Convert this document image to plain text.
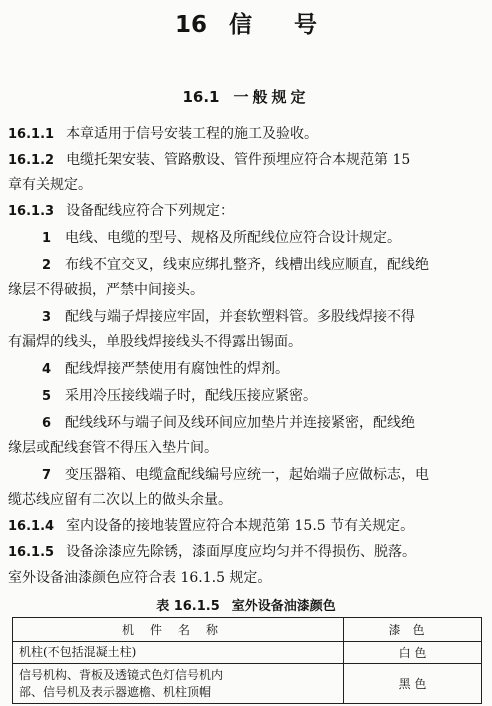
16 信 号
16.1 一般规定
16.1.1 本章适用于信号安装工程的施工及验收。
16.1.2 电缆托架安装、管路敷设、管件预埋应符合本规范第 15
章有关规定。
16.1.3 设备配线应符合下列规定：
1 电线、电缆的型号、规格及所配线位应符合设计规定。
2 布线不宜交叉，线束应绑扎整齐，线槽出线应顺直，配线绝
缘层不得破损，严禁中间接头。
3 配线与端子焊接应牢固，并套软塑料管。多股线焊接不得
有漏焊的线头，单股线焊接线头不得露出锡面。
4 配线焊接严禁使用有腐蚀性的焊剂。
5 采用冷压接线端子时，配线压接应紧密。
6 配线线环与端子间及线环间应加垫片并连接紧密，配线绝
缘层或配线套管不得压入垫片间。
7 变压器箱、电缆盒配线编号应统一，起始端子应做标志，电
缆芯线应留有二次以上的做头余量。
16.1.4 室内设备的接地装置应符合本规范第 15.5 节有关规定。
16.1.5 设备涂漆应先除锈，漆面厚度应均匀并不得损伤、脱落。
室外设备油漆颜色应符合表 16.1.5 规定。
表 16.1.5 室外设备油漆颜色
机件名称	漆色
机柱(不包括混凝土柱)	白 色

信号机构、背板及透镜式色灯信号机内
部、信号机及表示器遮檐、机柱顶帽	黑 色
